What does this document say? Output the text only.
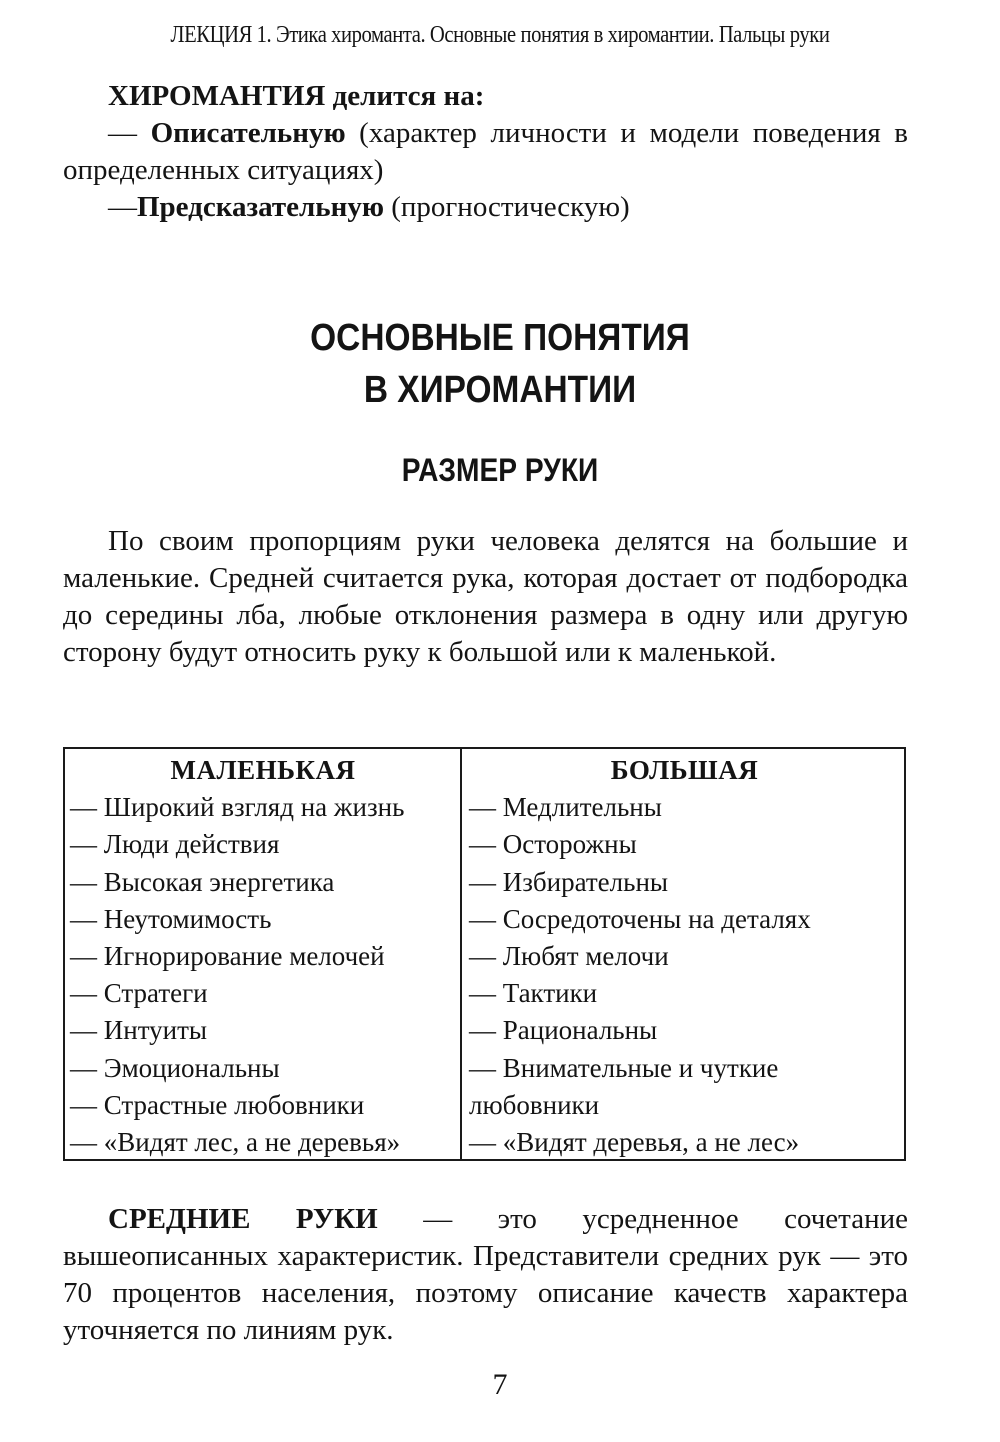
ЛЕКЦИЯ 1. Этика хироманта. Основные понятия в хиромантии. Пальцы руки

ХИРОМАНТИЯ делится на:

— Описательную (характер личности и модели поведения в определенных ситуациях)

—Предсказательную (прогностическую)

ОСНОВНЫЕ ПОНЯТИЯ
В ХИРОМАНТИИ
РАЗМЕР РУКИ

По своим пропорциям руки человека делятся на большие и маленькие. Средней считается рука, которая достает от подбородка до середины лба, любые отклонения размера в одну или другую сторону будут относить руку к большой или к маленькой.

МАЛЕНЬКАЯ
— Широкий взгляд на жизнь
— Люди действия
— Высокая энергетика
— Неутомимость
— Игнорирование мелочей
— Стратеги
— Интуиты
— Эмоциональны
— Страстные любовники
— «Видят лес, а не деревья»
БОЛЬШАЯ
— Медлительны
— Осторожны
— Избирательны
— Сосредоточены на деталях
— Любят мелочи
— Тактики
— Рациональны
— Внимательные и чуткие любовники
— «Видят деревья, а не лес»

СРЕДНИЕ РУКИ — это усредненное сочетание вышеописанных характеристик. Представители средних рук — это 70 процентов населения, поэтому описание качеств характера уточняется по линиям рук.

7
